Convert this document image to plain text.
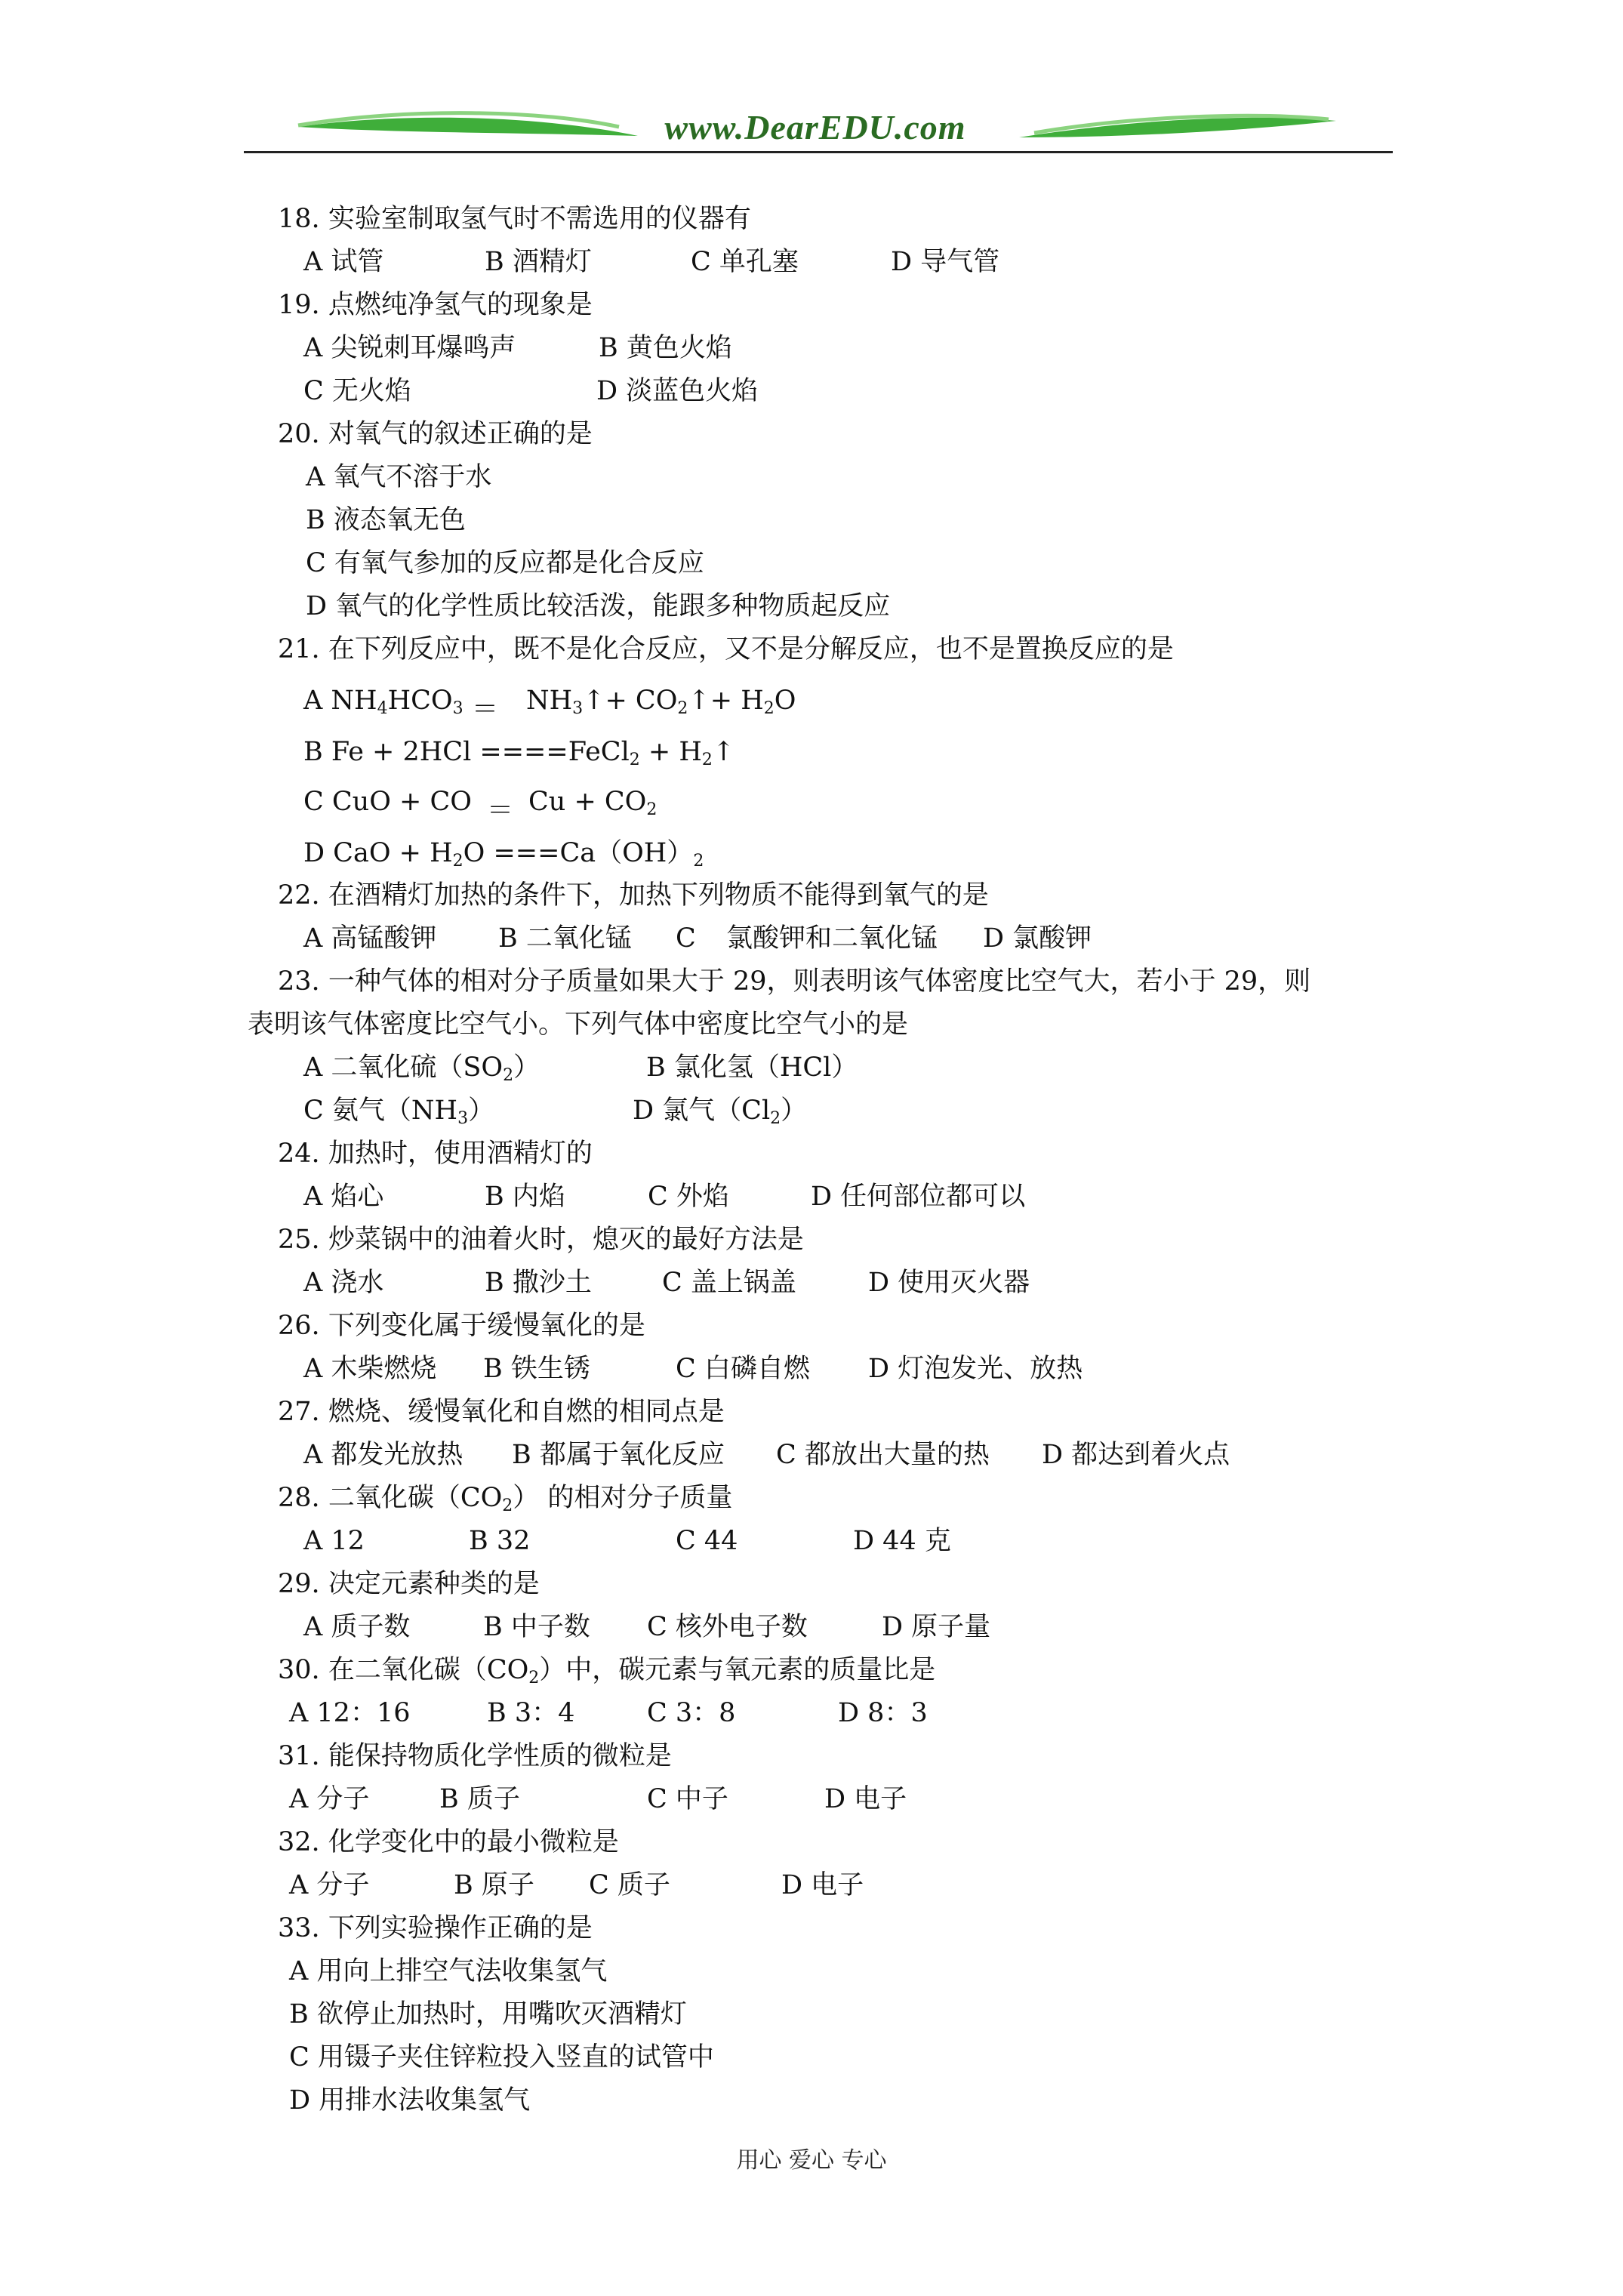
www.DearEDU.com
18. 实验室制取氢气时不需选用的仪器有
A 试管	B 酒精灯	C 单孔塞	D 导气管
19. 点燃纯净氢气的现象是
A 尖锐刺耳爆鸣声	B 黄色火焰
C 无火焰	D 淡蓝色火焰
20. 对氧气的叙述正确的是
A 氧气不溶于水
B 液态氧无色
C 有氧气参加的反应都是化合反应
D 氧气的化学性质比较活泼，能跟多种物质起反应
21. 在下列反应中，既不是化合反应，又不是分解反应，也不是置换反应的是
A $NH_4HCO_3$ ＝ $NH_3↑+$ $CO_2↑+ H_2O$
B Fe + 2HCl ====FeCl$_2$ + $H_2↑$
C CuO + CO ＝ $Cu + CO_2$
D CaO + $H_2O ===Ca(OH)_2$
22. 在酒精灯加热的条件下，加热下列物质不能得到氧气的是
A 高锰酸钾 B 二氧化锰 C 氯酸钾和二氧化锰 D 氯酸钾
23. 一种气体的相对分子质量如果大于 29，则表明该气体密度比空气大，若小于 29，则
表明该气体密度比空气小。下列气体中密度比空气小的是
A 二氧化硫$(SO_2)$	B 氯化氢（HCl）
C 氨气$(NH_3)$	D 氯气$(Cl_2)$
24. 加热时，使用酒精灯的
A 焰心	B 内焰	C 外焰	D 任何部位都可以
25. 炒菜锅中的油着火时，熄灭的最好方法是
A 浇水	B 撒沙土	C 盖上锅盖	D 使用灭火器
26. 下列变化属于缓慢氧化的是
A 木柴燃烧 B 铁生锈	C 白磷自燃 D 灯泡发光、放热
27. 燃烧、缓慢氧化和自燃的相同点是
A 都发光放热 B 都属于氧化反应 C 都放出大量的热 D 都达到着火点
28. 二氧化碳$(CO_2)$ 的相对分子质量
A 12	B 32	C 44	D 44 克
29. 决定元素种类的是
A 质子数	B 中子数 C 核外电子数	D 原子量
30. 在二氧化碳$(CO_2)$中，碳元素与氧元素的质量比是
A 12：16	B 3：4	C 3：8	D 8：3
31. 能保持物质化学性质的微粒是
A 分子	B 质子	C 中子	D 电子
32. 化学变化中的最小微粒是
A 分子	B 原子 C 质子	D 电子
33. 下列实验操作正确的是
A 用向上排空气法收集氢气
B 欲停止加热时，用嘴吹灭酒精灯
C 用镊子夹住锌粒投入竖直的试管中
D 用排水法收集氢气
用心 爱心 专心
